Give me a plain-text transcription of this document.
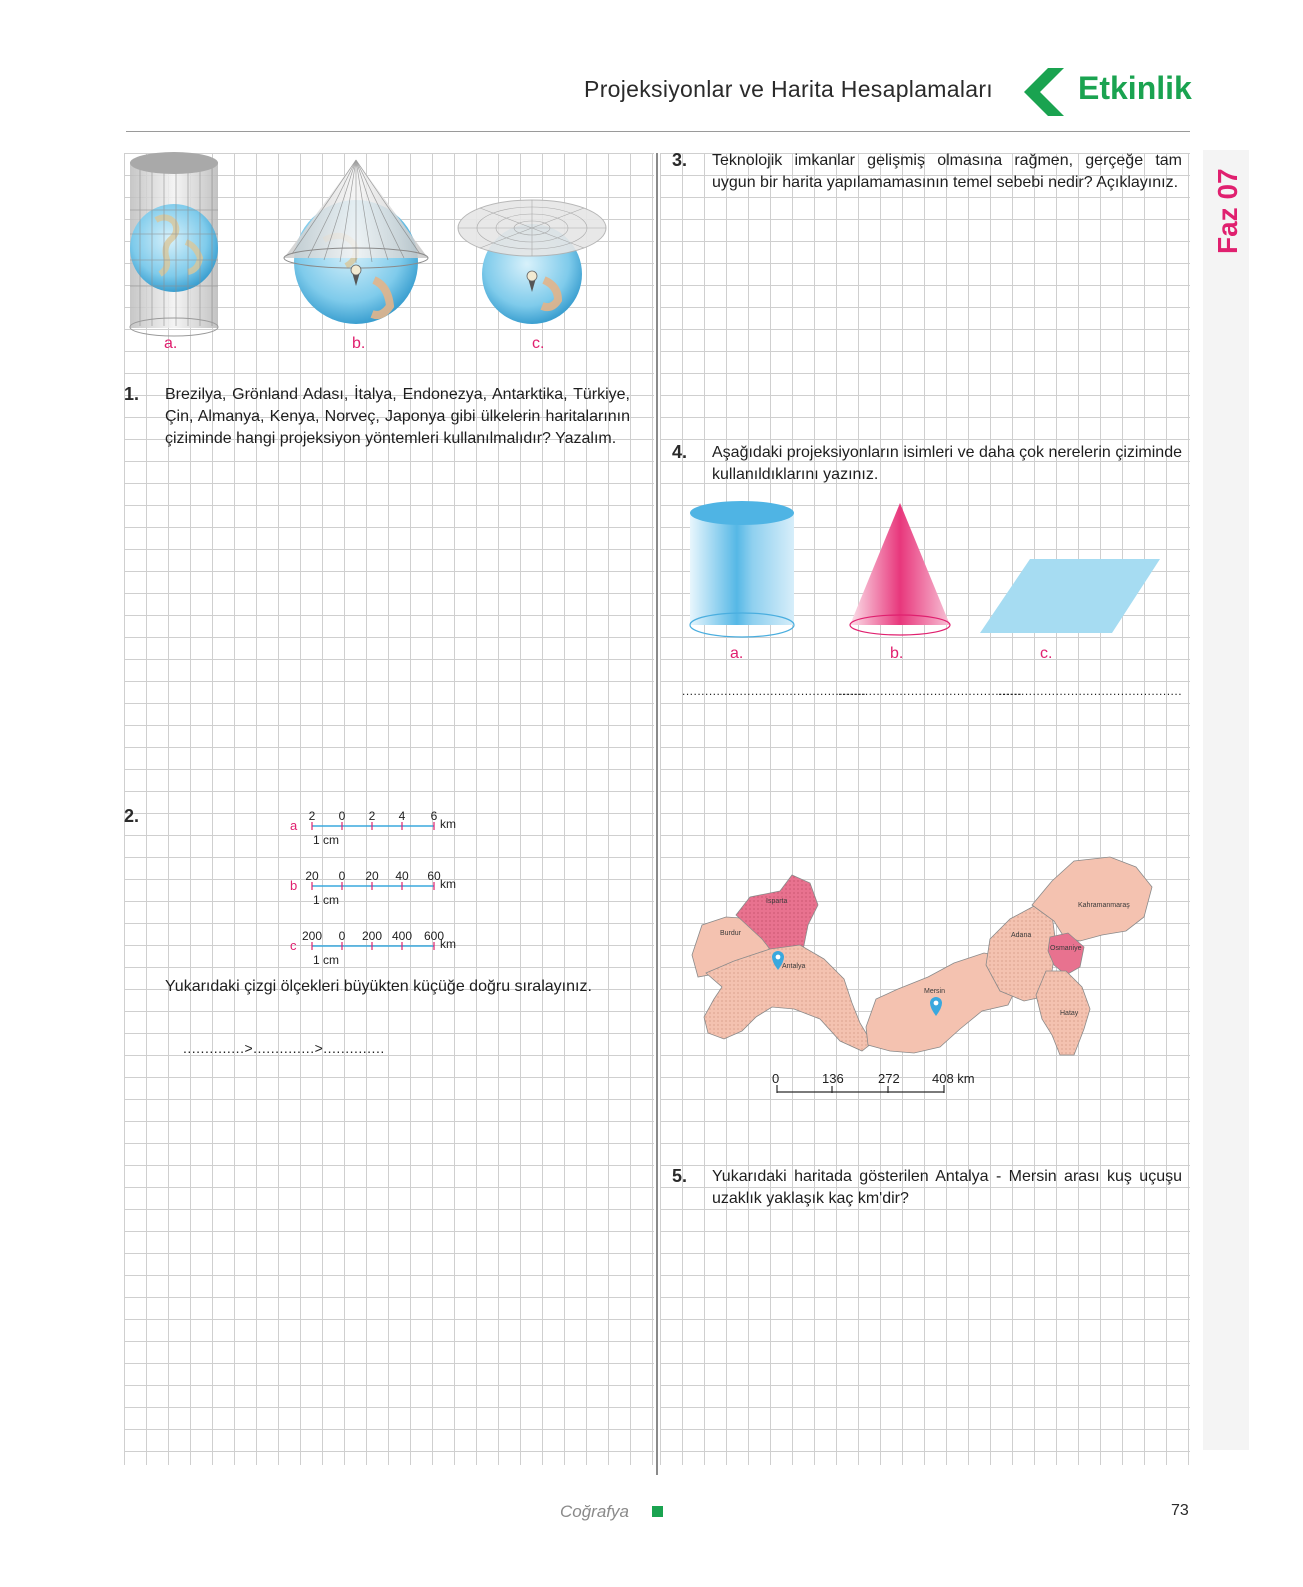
Projeksiyonlar ve Harita Hesaplamaları	Etkinlik
Faz 07
a.	b.	c.
1. Brezilya, Grönland Adası, İtalya, Endonezya, Antarktika, Türkiye, Çin, Almanya, Kenya, Norveç, Japonya gibi ülkelerin haritalarının çiziminde hangi projeksiyon yöntemleri kullanılmalıdır? Yazalım.
2.	a
2 0 2 4 6
km
1 cm
b
20 0 20 40 60
km
1 cm
c
200 0 200 400 600
km
1 cm
Yukarıdaki çizgi ölçekleri büyükten küçüğe doğru sıralayınız.
..............>..............>..............
3. Teknolojik imkanlar gelişmiş olmasına rağmen, gerçeğe tam uygun bir harita yapılamamasının temel sebebi nedir? Açıklayınız.
4. Aşağıdaki projeksiyonların isimleri ve daha çok nerelerin çiziminde kullanıldıklarını yazınız.
a.	b.	c.
................................................
................................................
................................................
Isparta
Burdur
Antalya
Mersin
Adana
Osmaniye
Kahramanmaraş
Hatay
0	136	272 408 km
5. Yukarıdaki haritada gösterilen Antalya - Mersin arası kuş uçuşu uzaklık yaklaşık kaç km'dir?
Coğrafya	73
